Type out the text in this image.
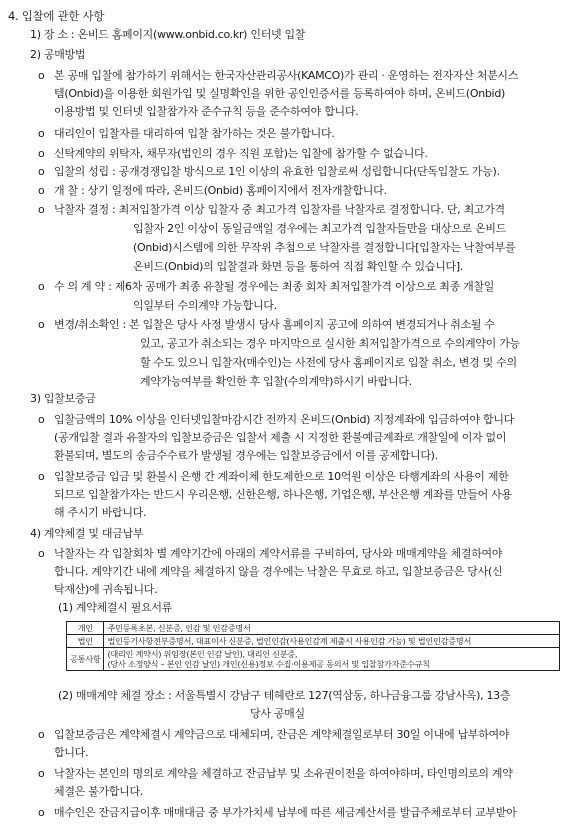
4. 입찰에 관한 사항
1) 장 소 : 온비드 홈페이지(www.onbid.co.kr) 인터넷 입찰
2) 공매방법
o 본 공매 입찰에 참가하기 위해서는 한국자산관리공사(KAMCO)가 관리 · 운영하는 전자자산 처분시스
템(Onbid)을 이용한 회원가입 및 실명확인을 위한 공인인증서를 등록하여야 하며, 온비드(Onbid)
이용방법 및 인터넷 입찰참가자 준수규칙 등을 준수하여야 합니다.
o 대리인이 입찰자를 대리하여 입찰 참가하는 것은 불가합니다.
o 신탁계약의 위탁자, 채무자(법인의 경우 직원 포함)는 입찰에 참가할 수 없습니다.
o 입찰의 성립 : 공개경쟁입찰 방식으로 1인 이상의 유효한 입찰로써 성립합니다(단독입찰도 가능).
o 개 찰 : 상기 일정에 따라, 온비드(Onbid) 홈페이지에서 전자개찰합니다.
o 낙찰자 결정 : 최저입찰가격 이상 입찰자 중 최고가격 입찰자를 낙찰자로 결정합니다. 단, 최고가격
입찰자 2인 이상이 동일금액일 경우에는 최고가격 입찰자들만을 대상으로 온비드
(Onbid)시스템에 의한 무작위 추첨으로 낙찰자를 결정합니다[입찰자는 낙찰여부를
온비드(Onbid)의 입찰결과 화면 등을 통하여 직접 확인할 수 있습니다].
o 수 의 계 약 : 제6차 공매가 최종 유찰될 경우에는 최종 회차 최저입찰가격 이상으로 최종 개찰일
익일부터 수의계약 가능합니다.
o 변경/취소확인 : 본 입찰은 당사 사정 발생시 당사 홈페이지 공고에 의하여 변경되거나 취소될 수
있고, 공고가 취소되는 경우 마지막으로 실시한 최저입찰가격으로 수의계약이 가능
할 수도 있으니 입찰자(매수인)는 사전에 당사 홈페이지로 입찰 취소, 변경 및 수의
계약가능여부를 확인한 후 입찰(수의계약)하시기 바랍니다.
3) 입찰보증금
o 입찰금액의 10% 이상을 인터넷입찰마감시간 전까지 온비드(Onbid) 지정계좌에 입금하여야 합니다
(공개입찰 결과 유찰자의 입찰보증금은 입찰서 제출 시 지정한 환불예금계좌로 개찰일에 이자 없이
환불되며, 별도의 송금수수료가 발생될 경우에는 입찰보증금에서 이를 공제합니다).
o 입찰보증금 입금 및 환불시 은행 간 계좌이체 한도제한으로 10억원 이상은 타행계좌의 사용이 제한
되므로 입찰참가자는 반드시 우리은행, 신한은행, 하나은행, 기업은행, 부산은행 계좌를 만들어 사용
해 주시기 바랍니다.
4) 계약체결 및 대금납부
o 낙찰자는 각 입찰회차 별 계약기간에 아래의 계약서류를 구비하여, 당사와 매매계약을 체결하여야
합니다. 계약기간 내에 계약을 체결하지 않을 경우에는 낙찰은 무효로 하고, 입찰보증금은 당사(신
탁재산)에 귀속됩니다.
(1) 계약체결시 필요서류
개인	주민등록초본, 신분증, 인감 및 인감증명서
법인	법인등기사항전부증명서, 대표이사 신분증, 법인인감(사용인감계 제출시 사용인감 가능) 및 법인인감증명서
공통사항	(대리인 계약시) 위임장(본인 인감 날인), 대리인 신분증,
(당사 소정양식 – 본인 인감 날인) 개인(신용)정보 수집·이용제공 동의서 및 입찰참가자준수규칙
(2) 매매계약 체결 장소 : 서울특별시 강남구 테헤란로 127(역삼동, 하나금융그룹 강남사옥), 13층
당사 공매실
o 입찰보증금은 계약체결시 계약금으로 대체되며, 잔금은 계약체결일로부터 30일 이내에 납부하여야
합니다.
o 낙찰자는 본인의 명의로 계약을 체결하고 잔금납부 및 소유권이전을 하여야하며, 타인명의로의 계약
체결은 불가합니다.
o 매수인은 잔금지급이후 매매대금 중 부가가치세 납부에 따른 세금계산서를 발급주체로부터 교부받아
